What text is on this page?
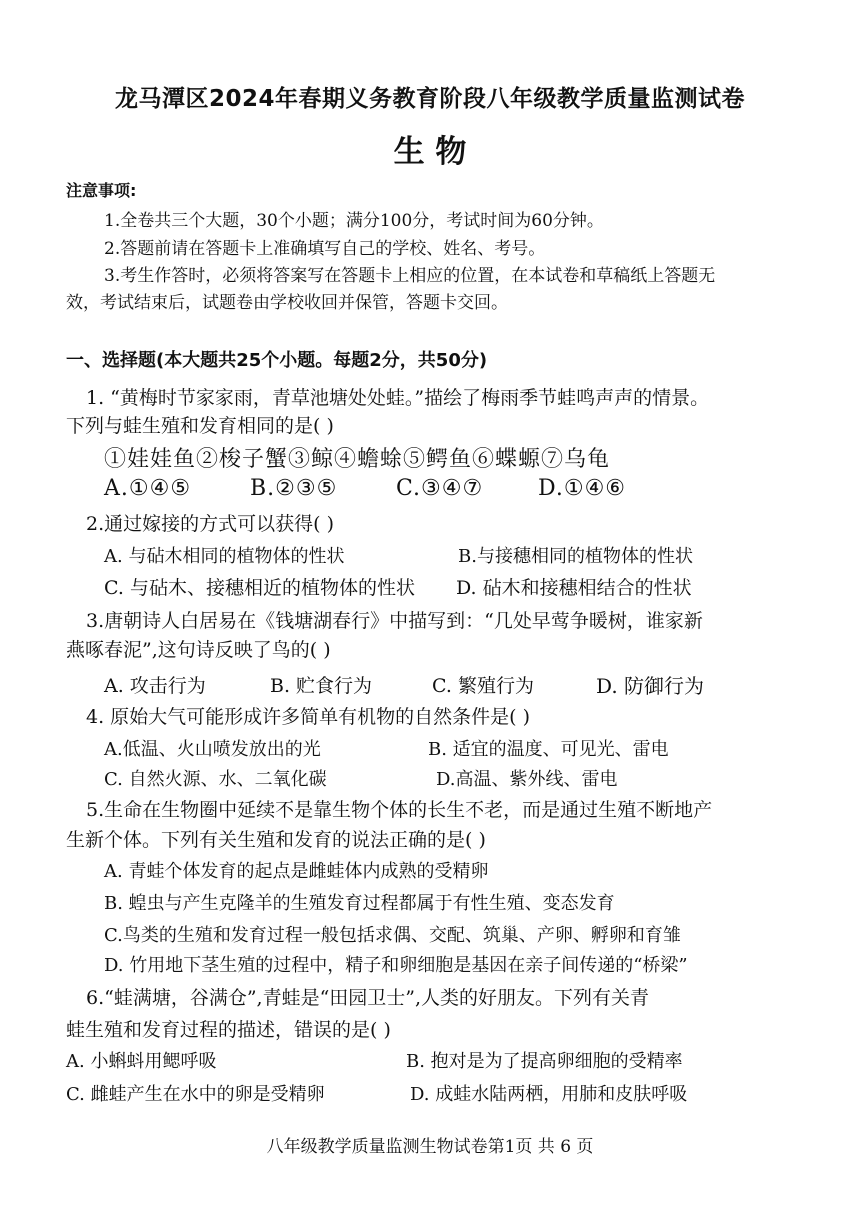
龙马潭区2024年春期义务教育阶段八年级教学质量监测试卷
生 物
注意事项:
1.全卷共三个大题，30个小题；满分100分，考试时间为60分钟。
2.答题前请在答题卡上准确填写自己的学校、姓名、考号。
3.考生作答时，必须将答案写在答题卡上相应的位置，在本试卷和草稿纸上答题无
效，考试结束后，试题卷由学校收回并保管，答题卡交回。
一、选择题(本大题共25个小题。每题2分，共50分)
1. “黄梅时节家家雨，青草池塘处处蛙。”描绘了梅雨季节蛙鸣声声的情景。
下列与蛙生殖和发育相同的是( )
①娃娃鱼②梭子蟹③鲸④蟾蜍⑤鳄鱼⑥蝶螈⑦乌龟
A.①④⑤	B.②③⑤	C.③④⑦ D.①④⑥
2.通过嫁接的方式可以获得( )
A. 与砧木相同的植物体的性状	B.与接穗相同的植物体的性状
C. 与砧木、接穗相近的植物体的性状 D. 砧木和接穗相结合的性状
3.唐朝诗人白居易在《钱塘湖春行》中描写到：“几处早莺争暖树，谁家新
燕啄春泥”,这句诗反映了鸟的( )
A. 攻击行为	B. 贮食行为	C. 繁殖行为	D. 防御行为
4. 原始大气可能形成许多简单有机物的自然条件是( )
A.低温、火山喷发放出的光	B. 适宜的温度、可见光、雷电
C. 自然火源、水、二氧化碳	D.高温、紫外线、雷电
5.生命在生物圈中延续不是靠生物个体的长生不老，而是通过生殖不断地产
生新个体。下列有关生殖和发育的说法正确的是( )
A. 青蛙个体发育的起点是雌蛙体内成熟的受精卵
B. 蝗虫与产生克隆羊的生殖发育过程都属于有性生殖、变态发育
C.鸟类的生殖和发育过程一般包括求偶、交配、筑巢、产卵、孵卵和育雏
D. 竹用地下茎生殖的过程中，精子和卵细胞是基因在亲子间传递的“桥梁”
6.“蛙满塘，谷满仓”,青蛙是“田园卫士”,人类的好朋友。下列有关青
蛙生殖和发育过程的描述，错误的是( )
A. 小蝌蚪用鳃呼吸	B. 抱对是为了提高卵细胞的受精率
C. 雌蛙产生在水中的卵是受精卵	D. 成蛙水陆两栖，用肺和皮肤呼吸
八年级教学质量监测生物试卷第1页 共 6 页
